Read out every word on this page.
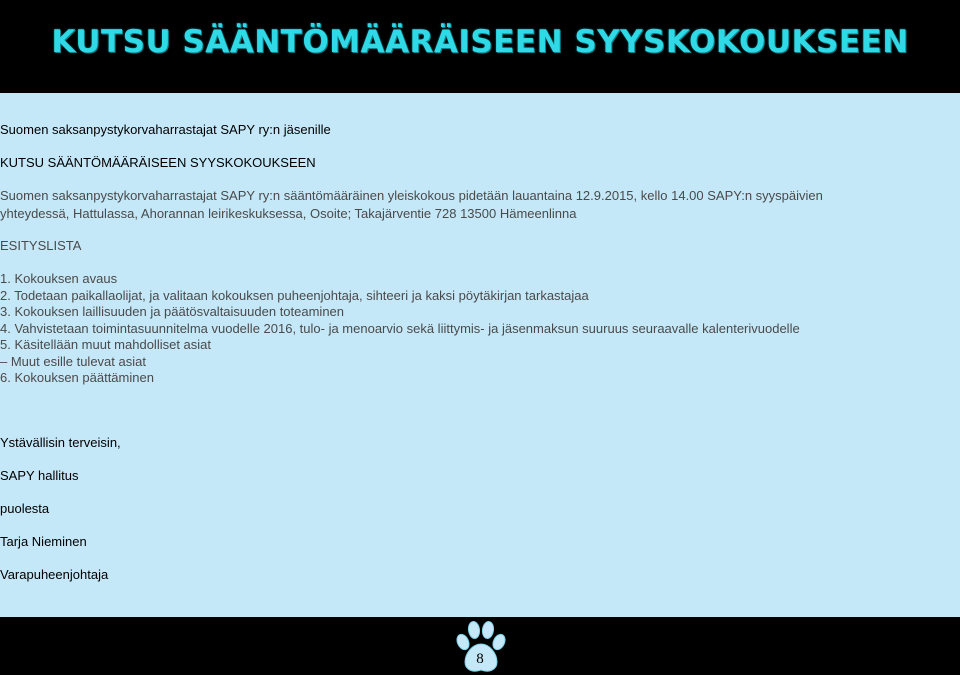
KUTSU SÄÄNTÖMÄÄRÄISEEN SYYSKOKOUKSEEN
Suomen saksanpystykorvaharrastajat SAPY ry:n jäsenille
KUTSU SÄÄNTÖMÄÄRÄISEEN SYYSKOKOUKSEEN
Suomen saksanpystykorvaharrastajat SAPY ry:n sääntömääräinen yleiskokous pidetään lauantaina 12.9.2015, kello 14.00 SAPY:n syyspäivien
yhteydessä, Hattulassa, Ahorannan leirikeskuksessa, Osoite; Takajärventie 728 13500 Hämeenlinna
ESITYSLISTA
1. Kokouksen avaus
2. Todetaan paikallaolijat, ja valitaan kokouksen puheenjohtaja, sihteeri ja kaksi pöytäkirjan tarkastajaa
3. Kokouksen laillisuuden ja päätösvaltaisuuden toteaminen
4. Vahvistetaan toimintasuunnitelma vuodelle 2016, tulo- ja menoarvio sekä liittymis- ja jäsenmaksun suuruus seuraavalle kalenterivuodelle
5. Käsitellään muut mahdolliset asiat
– Muut esille tulevat asiat
6. Kokouksen päättäminen
Ystävällisin terveisin,
SAPY hallitus
puolesta
Tarja Nieminen
Varapuheenjohtaja
8
